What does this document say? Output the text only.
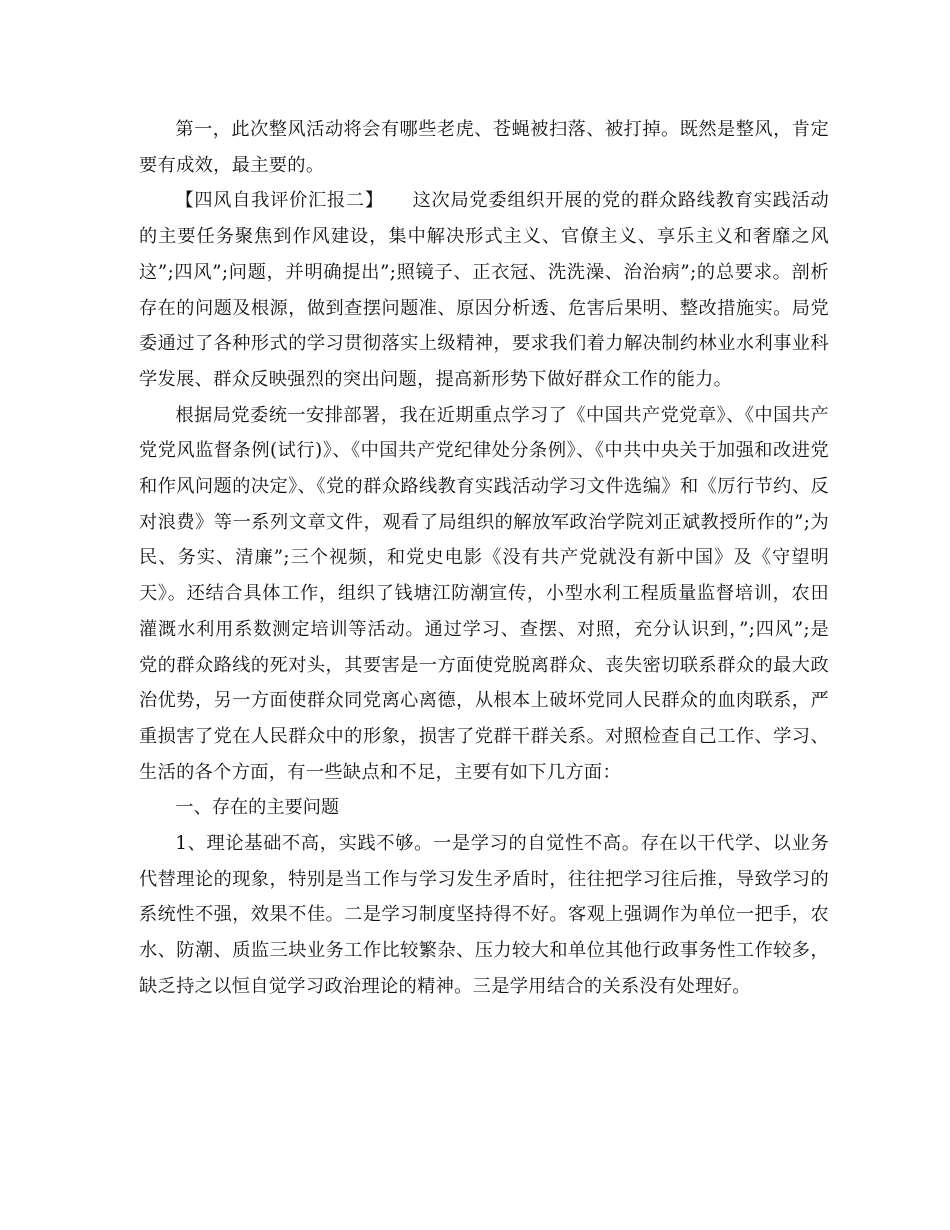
第一，此次整风活动将会有哪些老虎、苍蝇被扫落、被打掉。既然是整风，肯定要有成效，最主要的。

【四风自我评价汇报二】　　这次局党委组织开展的党的群众路线教育实践活动的主要任务聚焦到作风建设，集中解决形式主义、官僚主义、享乐主义和奢靡之风这”;四风”;问题，并明确提出”;照镜子、正衣冠、洗洗澡、治治病”;的总要求。剖析存在的问题及根源，做到查摆问题准、原因分析透、危害后果明、整改措施实。局党委通过了各种形式的学习贯彻落实上级精神，要求我们着力解决制约林业水利事业科学发展、群众反映强烈的突出问题，提高新形势下做好群众工作的能力。

根据局党委统一安排部署，我在近期重点学习了《中国共产党党章》、《中国共产党党风监督条例(试行)》、《中国共产党纪律处分条例》、《中共中央关于加强和改进党和作风问题的决定》、《党的群众路线教育实践活动学习文件选编》和《厉行节约、反对浪费》等一系列文章文件，观看了局组织的解放军政治学院刘正斌教授所作的”;为民、务实、清廉”;三个视频，和党史电影《没有共产党就没有新中国》及《守望明天》。还结合具体工作，组织了钱塘江防潮宣传，小型水利工程质量监督培训，农田灌溉水利用系数测定培训等活动。通过学习、查摆、对照，充分认识到，”;四风”;是党的群众路线的死对头，其要害是一方面使党脱离群众、丧失密切联系群众的最大政治优势，另一方面使群众同党离心离德，从根本上破坏党同人民群众的血肉联系，严重损害了党在人民群众中的形象，损害了党群干群关系。对照检查自己工作、学习、生活的各个方面，有一些缺点和不足，主要有如下几方面：

一、存在的主要问题

1、理论基础不高，实践不够。一是学习的自觉性不高。存在以干代学、以业务代替理论的现象，特别是当工作与学习发生矛盾时，往往把学习往后推，导致学习的系统性不强，效果不佳。二是学习制度坚持得不好。客观上强调作为单位一把手，农水、防潮、质监三块业务工作比较繁杂、压力较大和单位其他行政事务性工作较多，缺乏持之以恒自觉学习政治理论的精神。三是学用结合的关系没有处理好。
